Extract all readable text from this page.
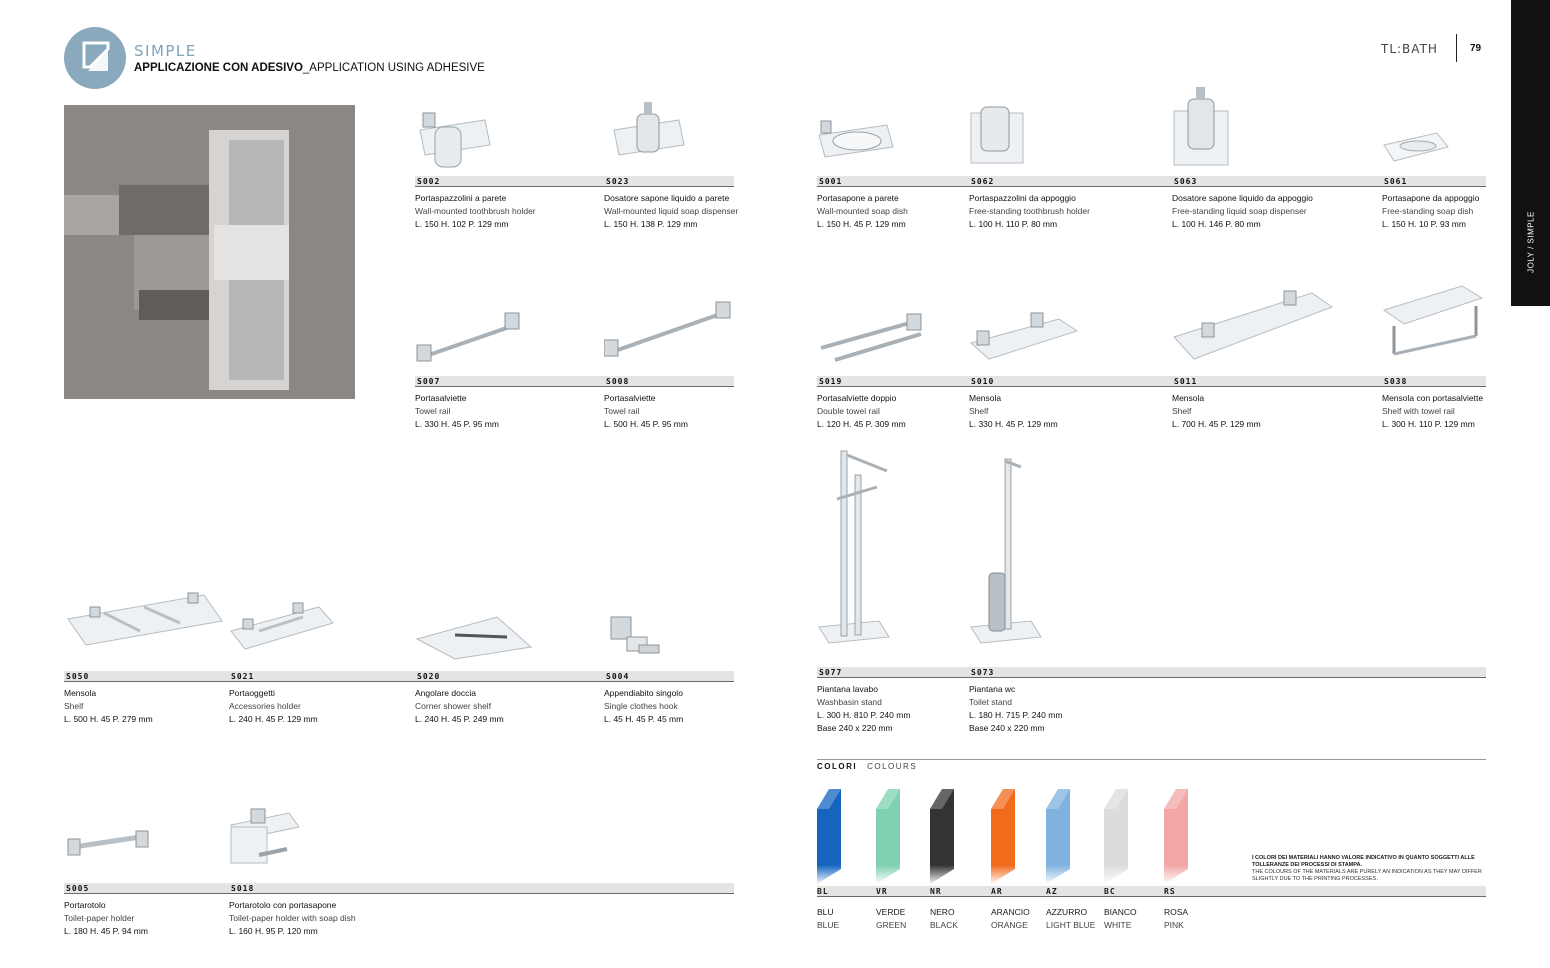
SIMPLE
APPLICAZIONE CON ADESIVO_APPLICATION USING ADHESIVE
TL:BATH	79
JOLY / SIMPLE
S002
Portaspazzolini a parete
Wall-mounted toothbrush holder
L. 150 H. 102 P. 129 mm
S023
Dosatore sapone liquido a parete
Wall-mounted liquid soap dispenser
L. 150 H. 138 P. 129 mm
S001
Portasapone a parete
Wall-mounted soap dish
L. 150 H. 45 P. 129 mm
S062
Portaspazzolini da appoggio
Free-standing toothbrush holder
L. 100 H. 110 P. 80 mm
S063
Dosatore sapone liquido da appoggio
Free-standing liquid soap dispenser
L. 100 H. 146 P. 80 mm
S061
Portasapone da appoggio
Free-standing soap dish
L. 150 H. 10 P. 93 mm
S007
Portasalviette
Towel rail
L. 330 H. 45 P. 95 mm
S008
Portasalviette
Towel rail
L. 500 H. 45 P. 95 mm
S019
Portasalviette doppio
Double towel rail
L. 120 H. 45 P. 309 mm
S010
Mensola
Shelf
L. 330 H. 45 P. 129 mm
S011
Mensola
Shelf
L. 700 H. 45 P. 129 mm
S038
Mensola con portasalviette
Shelf with towel rail
L. 300 H. 110 P. 129 mm
S077
Piantana lavabo
Washbasin stand
L. 300 H. 810 P. 240 mm
Base 240 x 220 mm
S073
Piantana wc
Toilet stand
L. 180 H. 715 P. 240 mm
Base 240 x 220 mm
S050
Mensola
Shelf
L. 500 H. 45 P. 279 mm
S021
Portaoggetti
Accessories holder
L. 240 H. 45 P. 129 mm
S020
Angolare doccia
Corner shower shelf
L. 240 H. 45 P. 249 mm
S004
Appendiabito singolo
Single clothes hook
L. 45 H. 45 P. 45 mm
S005
Portarotolo
Toilet-paper holder
L. 180 H. 45 P. 94 mm
S018
Portarotolo con portasapone
Toilet-paper holder with soap dish
L. 160 H. 95 P. 120 mm
COLORI COLOURS
BL
BLU
BLUE
VR
VERDE
GREEN
NR
NERO
BLACK
AR
ARANCIO
ORANGE
AZ
AZZURRO
LIGHT BLUE
BC
BIANCO
WHITE
RS
ROSA
PINK
I COLORI DEI MATERIALI HANNO VALORE INDICATIVO IN QUANTO SOGGETTI ALLE TOLLERANZE DEI PROCESSI DI STAMPA.
THE COLOURS OF THE MATERIALS ARE PURELY AN INDICATION AS THEY MAY DIFFER SLIGHTLY DUE TO THE PRINTING PROCESSES.
